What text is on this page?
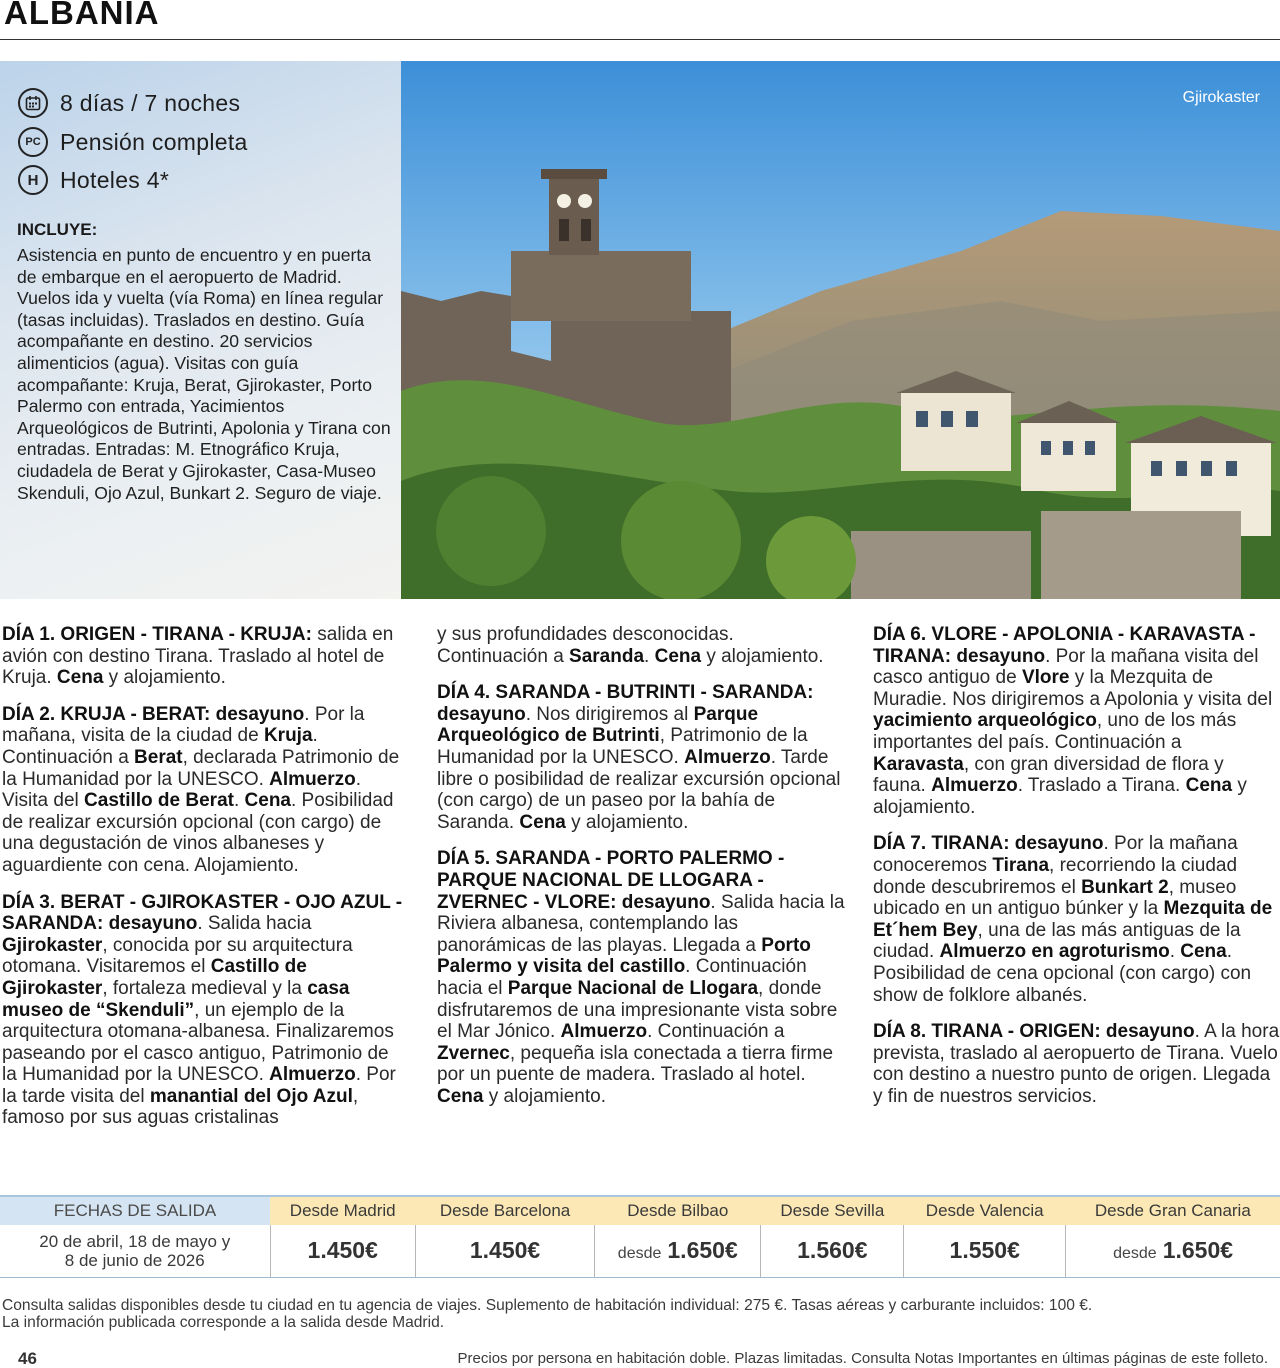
ALBANIA
8 días / 7 noches
PC Pensión completa
H Hoteles 4*
INCLUYE:
Asistencia en punto de encuentro y en puerta de embarque en el aeropuerto de Madrid. Vuelos ida y vuelta (vía Roma) en línea regular (tasas incluidas). Traslados en destino. Guía acompañante en destino. 20 servicios alimenticios (agua). Visitas con guía acompañante: Kruja, Berat, Gjirokaster, Porto Palermo con entrada, Yacimientos Arqueológicos de Butrinti, Apolonia y Tirana con entradas. Entradas: M. Etnográfico Kruja, ciudadela de Berat y Gjirokaster, Casa-Museo Skenduli, Ojo Azul, Bunkart 2. Seguro de viaje.
Gjirokaster

DÍA 1. ORIGEN - TIRANA - KRUJA: salida en avión con destino Tirana. Traslado al hotel de Kruja. Cena y alojamiento.

DÍA 2. KRUJA - BERAT: desayuno. Por la mañana, visita de la ciudad de Kruja. Continuación a Berat, declarada Patrimonio de la Humanidad por la UNESCO. Almuerzo. Visita del Castillo de Berat. Cena. Posibilidad de realizar excursión opcional (con cargo) de una degustación de vinos albaneses y aguardiente con cena. Alojamiento.

DÍA 3. BERAT - GJIROKASTER - OJO AZUL - SARANDA: desayuno. Salida hacia Gjirokaster, conocida por su arquitectura otomana. Visitaremos el Castillo de Gjirokaster, fortaleza medieval y la casa museo de “Skenduli”, un ejemplo de la arquitectura otomana-albanesa. Finalizaremos paseando por el casco antiguo, Patrimonio de la Humanidad por la UNESCO. Almuerzo. Por la tarde visita del manantial del Ojo Azul, famoso por sus aguas cristalinas

y sus profundidades desconocidas. Continuación a Saranda. Cena y alojamiento.

DÍA 4. SARANDA - BUTRINTI - SARANDA: desayuno. Nos dirigiremos al Parque Arqueológico de Butrinti, Patrimonio de la Humanidad por la UNESCO. Almuerzo. Tarde libre o posibilidad de realizar excursión opcional (con cargo) de un paseo por la bahía de Saranda. Cena y alojamiento.

DÍA 5. SARANDA - PORTO PALERMO - PARQUE NACIONAL DE LLOGARA - ZVERNEC - VLORE: desayuno. Salida hacia la Riviera albanesa, contemplando las panorámicas de las playas. Llegada a Porto Palermo y visita del castillo. Continuación hacia el Parque Nacional de Llogara, donde disfrutaremos de una impresionante vista sobre el Mar Jónico. Almuerzo. Continuación a Zvernec, pequeña isla conectada a tierra firme por un puente de madera. Traslado al hotel. Cena y alojamiento.

DÍA 6. VLORE - APOLONIA - KARAVASTA - TIRANA: desayuno. Por la mañana visita del casco antiguo de Vlore y la Mezquita de Muradie. Nos dirigiremos a Apolonia y visita del yacimiento arqueológico, uno de los más importantes del país. Continuación a Karavasta, con gran diversidad de flora y fauna. Almuerzo. Traslado a Tirana. Cena y alojamiento.

DÍA 7. TIRANA: desayuno. Por la mañana conoceremos Tirana, recorriendo la ciudad donde descubriremos el Bunkart 2, museo ubicado en un antiguo búnker y la Mezquita de Et´hem Bey, una de las más antiguas de la ciudad. Almuerzo en agroturismo. Cena. Posibilidad de cena opcional (con cargo) con show de folklore albanés.

DÍA 8. TIRANA - ORIGEN: desayuno. A la hora prevista, traslado al aeropuerto de Tirana. Vuelo con destino a nuestro punto de origen. Llegada y fin de nuestros servicios.

FECHAS DE SALIDA	Desde Madrid	Desde Barcelona	Desde Bilbao	Desde Sevilla	Desde Valencia	Desde Gran Canaria
20 de abril, 18 de mayo y
8 de junio de 2026	1.450€	1.450€	desde 1.650€	1.560€	1.550€	desde 1.650€
Consulta salidas disponibles desde tu ciudad en tu agencia de viajes. Suplemento de habitación individual: 275 €. Tasas aéreas y carburante incluidos: 100 €.
La información publicada corresponde a la salida desde Madrid.
46	Precios por persona en habitación doble. Plazas limitadas. Consulta Notas Importantes en últimas páginas de este folleto.
